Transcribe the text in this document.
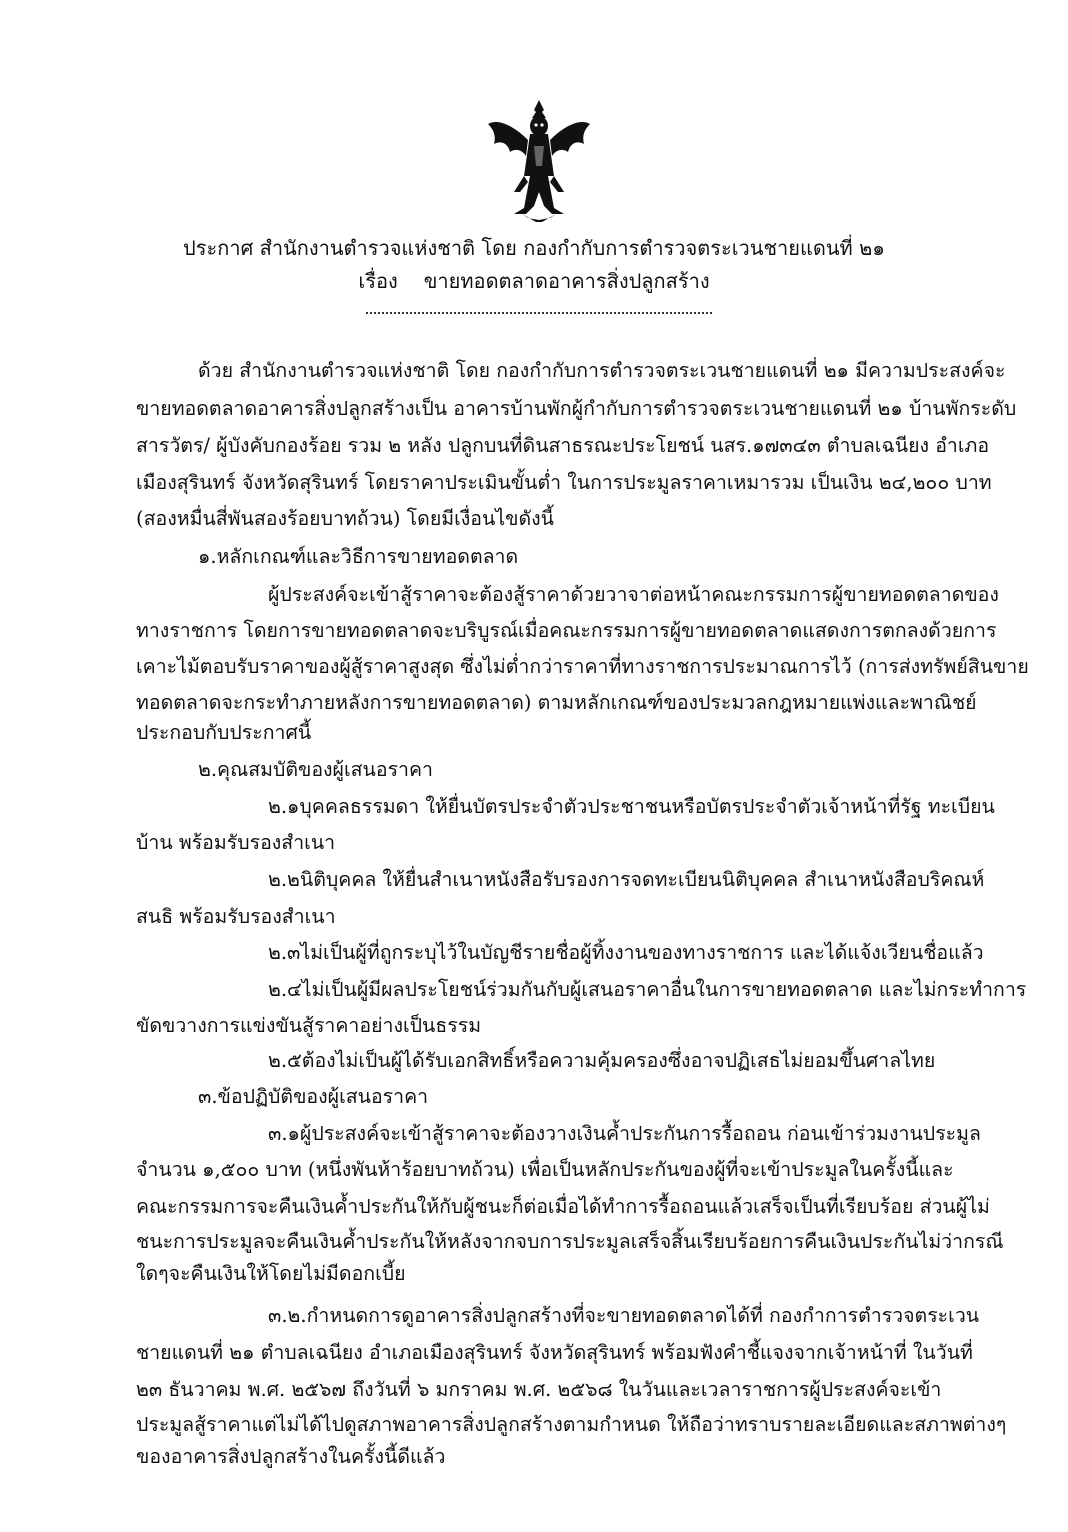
ประกาศ สำนักงานตำรวจแห่งชาติ โดย กองกำกับการตำรวจตระเวนชายแดนที่ ๒๑
เรื่อง ขายทอดตลาดอาคารสิ่งปลูกสร้าง
ด้วย สำนักงานตำรวจแห่งชาติ โดย กองกำกับการตำรวจตระเวนชายแดนที่ ๒๑ มีความประสงค์จะ
ขายทอดตลาดอาคารสิ่งปลูกสร้างเป็น อาคารบ้านพักผู้กำกับการตำรวจตระเวนชายแดนที่ ๒๑ บ้านพักระดับ
สารวัตร/ ผู้บังคับกองร้อย รวม ๒ หลัง ปลูกบนที่ดินสาธรณะประโยชน์ นสร.๑๗๓๔๓ ตำบลเฉนียง อำเภอ
เมืองสุรินทร์ จังหวัดสุรินทร์ โดยราคาประเมินขั้นต่ำ ในการประมูลราคาเหมารวม เป็นเงิน ๒๔,๒๐๐ บาท
(สองหมื่นสี่พันสองร้อยบาทถ้วน) โดยมีเงื่อนไขดังนี้
๑.หลักเกณฑ์และวิธีการขายทอดตลาด
ผู้ประสงค์จะเข้าสู้ราคาจะต้องสู้ราคาด้วยวาจาต่อหน้าคณะกรรมการผู้ขายทอดตลาดของ
ทางราชการ โดยการขายทอดตลาดจะบริบูรณ์เมื่อคณะกรรมการผู้ขายทอดตลาดแสดงการตกลงด้วยการ
เคาะไม้ตอบรับราคาของผู้สู้ราคาสูงสุด ซึ่งไม่ต่ำกว่าราคาที่ทางราชการประมาณการไว้ (การส่งทรัพย์สินขาย
ทอดตลาดจะกระทำภายหลังการขายทอดตลาด) ตามหลักเกณฑ์ของประมวลกฎหมายแพ่งและพาณิชย์
ประกอบกับประกาศนี้
๒.คุณสมบัติของผู้เสนอราคา
๒.๑บุคคลธรรมดา ให้ยื่นบัตรประจำตัวประชาชนหรือบัตรประจำตัวเจ้าหน้าที่รัฐ ทะเบียน
บ้าน พร้อมรับรองสำเนา
๒.๒นิติบุคคล ให้ยื่นสำเนาหนังสือรับรองการจดทะเบียนนิติบุคคล สำเนาหนังสือบริคณห์
สนธิ พร้อมรับรองสำเนา
๒.๓ไม่เป็นผู้ที่ถูกระบุไว้ในบัญชีรายชื่อผู้ทิ้งงานของทางราชการ และได้แจ้งเวียนชื่อแล้ว
๒.๔ไม่เป็นผู้มีผลประโยชน์ร่วมกันกับผู้เสนอราคาอื่นในการขายทอดตลาด และไม่กระทำการ
ขัดขวางการแข่งขันสู้ราคาอย่างเป็นธรรม
๒.๕ต้องไม่เป็นผู้ได้รับเอกสิทธิ์หรือความคุ้มครองซึ่งอาจปฏิเสธไม่ยอมขึ้นศาลไทย
๓.ข้อปฏิบัติของผู้เสนอราคา
๓.๑ผู้ประสงค์จะเข้าสู้ราคาจะต้องวางเงินค้ำประกันการรื้อถอน ก่อนเข้าร่วมงานประมูล
จำนวน ๑,๕๐๐ บาท (หนึ่งพันห้าร้อยบาทถ้วน) เพื่อเป็นหลักประกันของผู้ที่จะเข้าประมูลในครั้งนี้และ
คณะกรรมการจะคืนเงินค้ำประกันให้กับผู้ชนะก็ต่อเมื่อได้ทำการรื้อถอนแล้วเสร็จเป็นที่เรียบร้อย ส่วนผู้ไม่
ชนะการประมูลจะคืนเงินค้ำประกันให้หลังจากจบการประมูลเสร็จสิ้นเรียบร้อยการคืนเงินประกันไม่ว่ากรณี
ใดๆจะคืนเงินให้โดยไม่มีดอกเบี้ย
๓.๒.กำหนดการดูอาคารสิ่งปลูกสร้างที่จะขายทอดตลาดได้ที่ กองกำการตำรวจตระเวน
ชายแดนที่ ๒๑ ตำบลเฉนียง อำเภอเมืองสุรินทร์ จังหวัดสุรินทร์ พร้อมฟังคำชี้แจงจากเจ้าหน้าที่ ในวันที่
๒๓ ธันวาคม พ.ศ. ๒๕๖๗ ถึงวันที่ ๖ มกราคม พ.ศ. ๒๕๖๘ ในวันและเวลาราชการผู้ประสงค์จะเข้า
ประมูลสู้ราคาแต่ไม่ได้ไปดูสภาพอาคารสิ่งปลูกสร้างตามกำหนด ให้ถือว่าทราบรายละเอียดและสภาพต่างๆ
ของอาคารสิ่งปลูกสร้างในครั้งนี้ดีแล้ว
